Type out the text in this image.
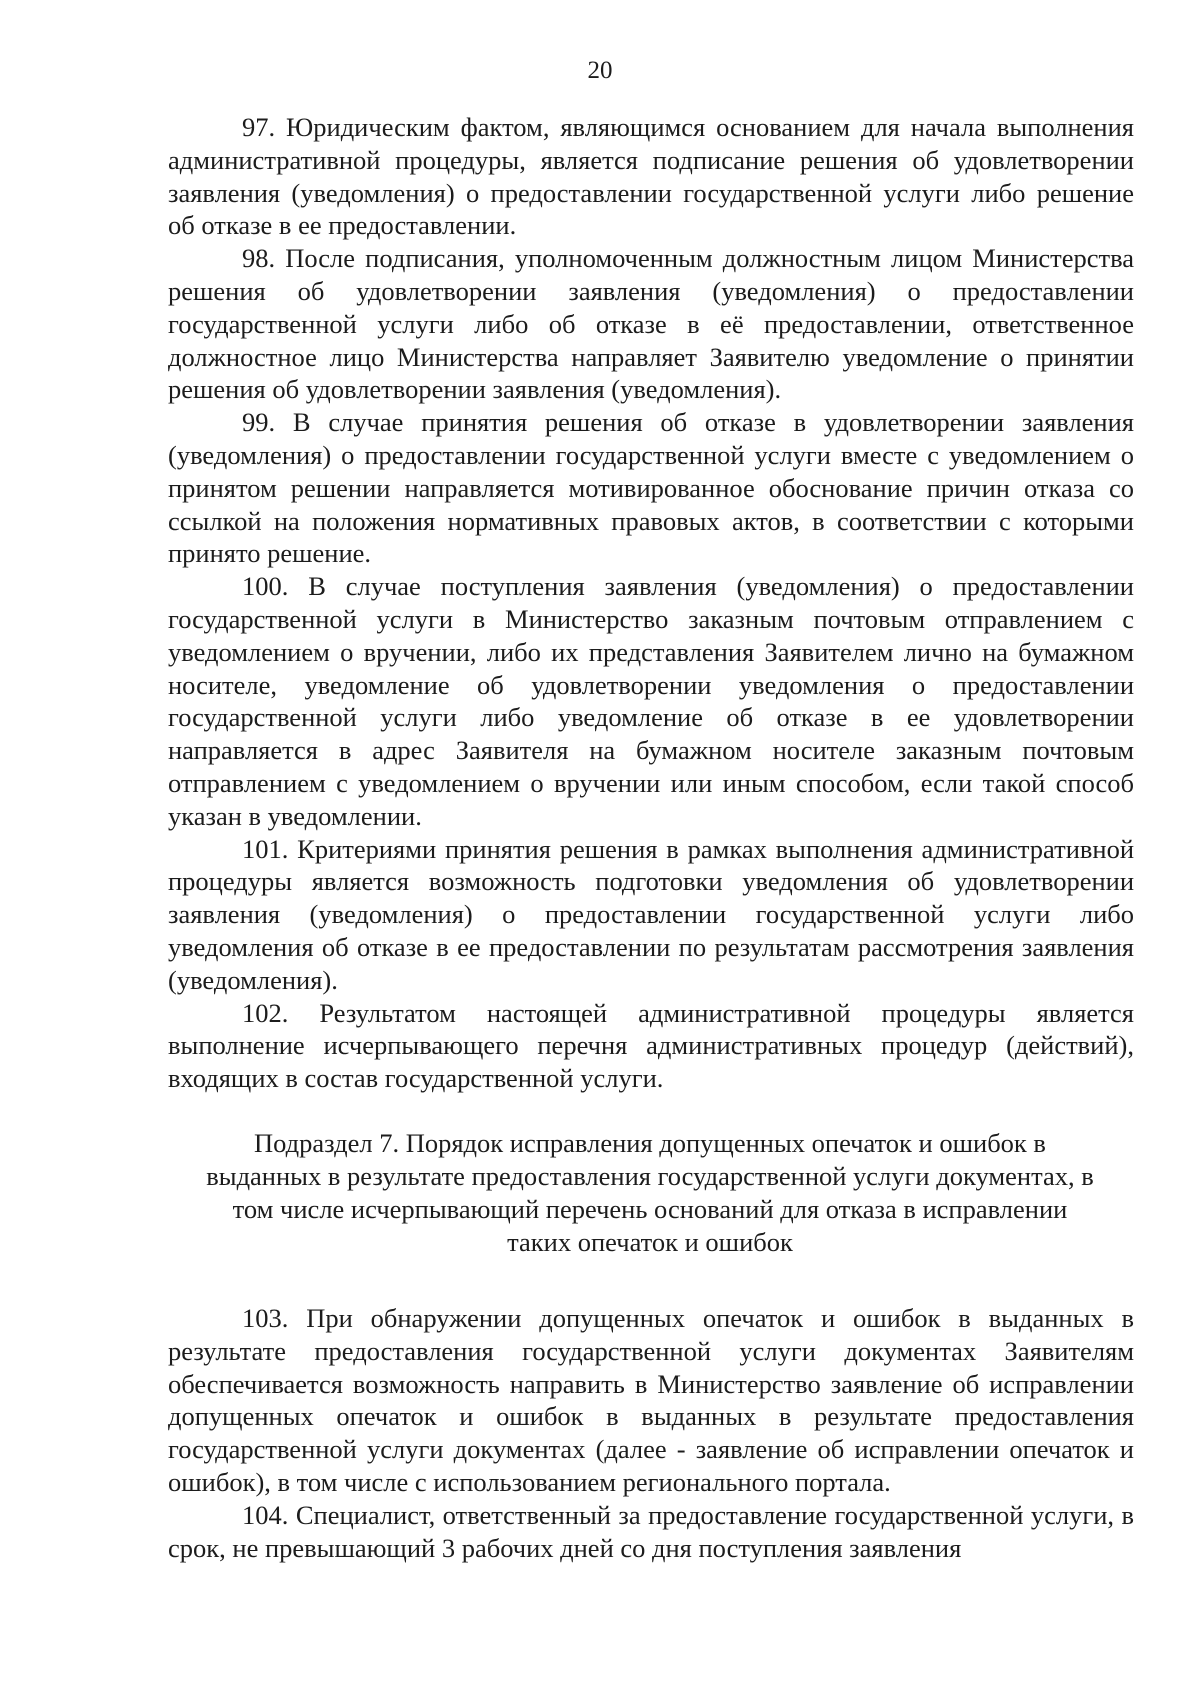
20

97. Юридическим фактом, являющимся основанием для начала выполнения административной процедуры, является подписание решения об удовлетворении заявления (уведомления) о предоставлении государственной услуги либо решение об отказе в ее предоставлении.

98. После подписания, уполномоченным должностным лицом Министерства решения об удовлетворении заявления (уведомления) о предоставлении государственной услуги либо об отказе в её предоставлении, ответственное должностное лицо Министерства направляет Заявителю уведомление о принятии решения об удовлетворении заявления (уведомления).

99. В случае принятия решения об отказе в удовлетворении заявления (уведомления) о предоставлении государственной услуги вместе с уведомлением о принятом решении направляется мотивированное обоснование причин отказа со ссылкой на положения нормативных правовых актов, в соответствии с которыми принято решение.

100. В случае поступления заявления (уведомления) о предоставлении государственной услуги в Министерство заказным почтовым отправлением с уведомлением о вручении, либо их представления Заявителем лично на бумажном носителе, уведомление об удовлетворении уведомления о предоставлении государственной услуги либо уведомление об отказе в ее удовлетворении направляется в адрес Заявителя на бумажном носителе заказным почтовым отправлением с уведомлением о вручении или иным способом, если такой способ указан в уведомлении.

101. Критериями принятия решения в рамках выполнения административной процедуры является возможность подготовки уведомления об удовлетворении заявления (уведомления) о предоставлении государственной услуги либо уведомления об отказе в ее предоставлении по результатам рассмотрения заявления (уведомления).

102. Результатом настоящей административной процедуры является выполнение исчерпывающего перечня административных процедур (действий), входящих в состав государственной услуги.

Подраздел 7. Порядок исправления допущенных опечаток и ошибок в
выданных в результате предоставления государственной услуги документах, в
том числе исчерпывающий перечень оснований для отказа в исправлении
таких опечаток и ошибок

103. При обнаружении допущенных опечаток и ошибок в выданных в результате предоставления государственной услуги документах Заявителям обеспечивается возможность направить в Министерство заявление об исправлении допущенных опечаток и ошибок в выданных в результате предоставления государственной услуги документах (далее - заявление об исправлении опечаток и ошибок), в том числе с использованием регионального портала.

104. Специалист, ответственный за предоставление государственной услуги, в срок, не превышающий 3 рабочих дней со дня поступления заявления
